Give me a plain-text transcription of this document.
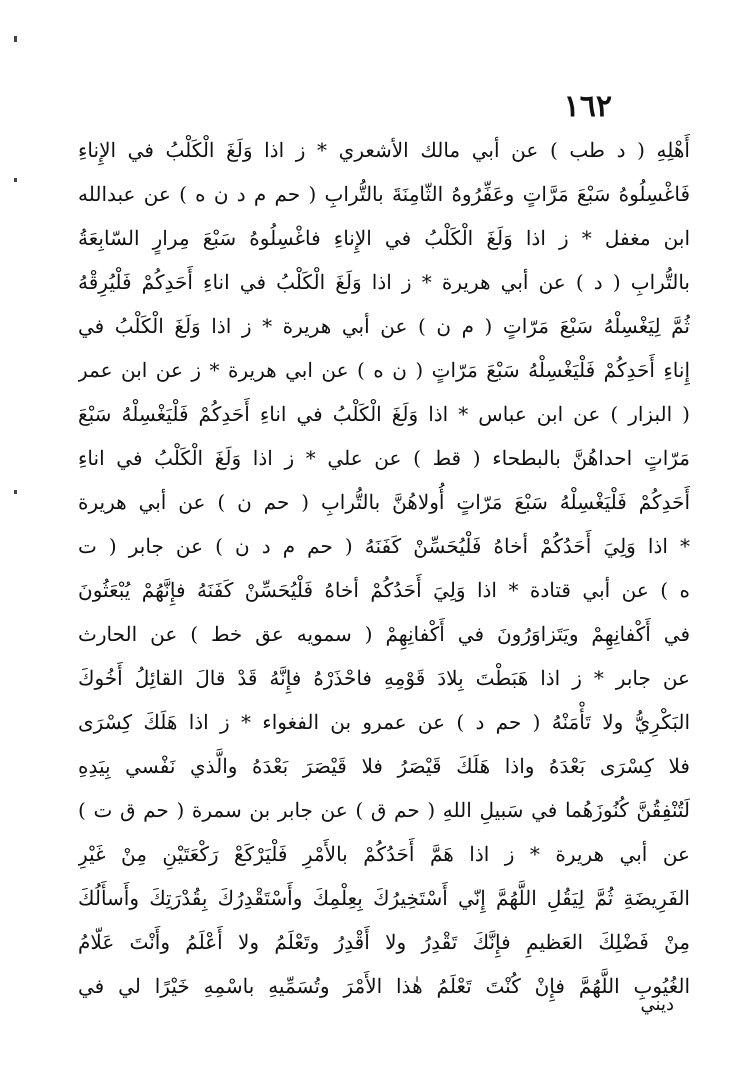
١٦٢
أَهْلِهِ ( د طب ) عن أبي مالك الأشعري * ز اذا وَلَغَ الْكَلْبُ في الإِناءِ
فَاغْسِلُوهُ سَبْعَ مَرَّاتٍ وعَفِّرُوهُ الثّامِنَةَ بالتُّرابِ ( حم م د ن ه ) عن عبدالله
ابن مغفل * ز اذا وَلَغَ الْكَلْبُ في الإِناءِ فاغْسِلُوهُ سَبْعَ مِرارٍ السّابِعَةُ
بالتُّرابِ ( د ) عن أبي هريرة * ز اذا وَلَغَ الْكَلْبُ في اناءِ أَحَدِكُمْ فَلْيُرِقْهُ
ثُمَّ لِيَغْسِلْهُ سَبْعَ مَرّاتٍ ( م ن ) عن أبي هريرة * ز اذا وَلَغَ الْكَلْبُ في
إِناءِ أَحَدِكُمْ فَلْيَغْسِلْهُ سَبْعَ مَرّاتٍ ( ن ه ) عن ابي هريرة * ز عن ابن عمر
( البزار ) عن ابن عباس * اذا وَلَغَ الْكَلْبُ في اناءِ أَحَدِكُمْ فَلْيَغْسِلْهُ سَبْعَ
مَرّاتٍ احداهُنَّ بالبطحاء ( قط ) عن علي * ز اذا وَلَغَ الْكَلْبُ في اناءِ
أَحَدِكُمْ فَلْيَغْسِلْهُ سَبْعَ مَرّاتٍ أُولاهُنَّ بالتُّرابِ ( حم ن ) عن أبي هريرة
* اذا وَلِيَ أَحَدُكُمْ أخاهُ فَلْيُحَسِّنْ كَفَنَهُ ( حم م د ن ) عن جابر ( ت
ه ) عن أبي قتادة * اذا وَلِيَ أَحَدُكُمْ أخاهُ فَلْيُحَسِّنْ كَفَنَهُ فإِنَّهُمْ يُبْعَثُونَ
في أَكْفانِهِمْ ويَتَزاوَرُونَ في أَكْفانِهِمْ ( سمويه عق خط ) عن الحارث
عن جابر * ز اذا هَبَطْتَ بِلادَ قَوْمِهِ فاحْذَرْهُ فإِنَّهُ قَدْ قالَ القائِلُ أَخُوكَ
البَكْرِيُّ ولا تَأْمَنْهُ ( حم د ) عن عمرو بن الفغواء * ز اذا هَلَكَ كِسْرَى
فلا كِسْرَى بَعْدَهُ واذا هَلَكَ قَيْصَرُ فلا قَيْصَرَ بَعْدَهُ والَّذي نَفْسي بِيَدِهِ
لَتُنْفِقُنَّ كُنُوزَهُما في سَبيلِ اللهِ ( حم ق ) عن جابر بن سمرة ( حم ق ت )
عن أبي هريرة * ز اذا هَمَّ أَحَدُكُمْ بالأَمْرِ فَلْيَرْكَعْ رَكْعَتَيْنِ مِنْ غَيْرِ
الفَرِيضَةِ ثُمَّ لِيَقُلِ اللَّهُمَّ إِنّي أَسْتَخِيرُكَ بِعِلْمِكَ وأَسْتَقْدِرُكَ بِقُدْرَتِكَ وأَسأَلُكَ
مِنْ فَضْلِكَ العَظيمِ فإِنَّكَ تَقْدِرُ ولا أَقْدِرُ وتَعْلَمُ ولا أَعْلَمُ وأَنْتَ عَلّامُ
الغُيُوبِ اللَّهُمَّ فإِنْ كُنْتَ تَعْلَمُ هٰذا الأَمْرَ وتُسَمِّيهِ باسْمِهِ خَيْرًا لي في
ديني
